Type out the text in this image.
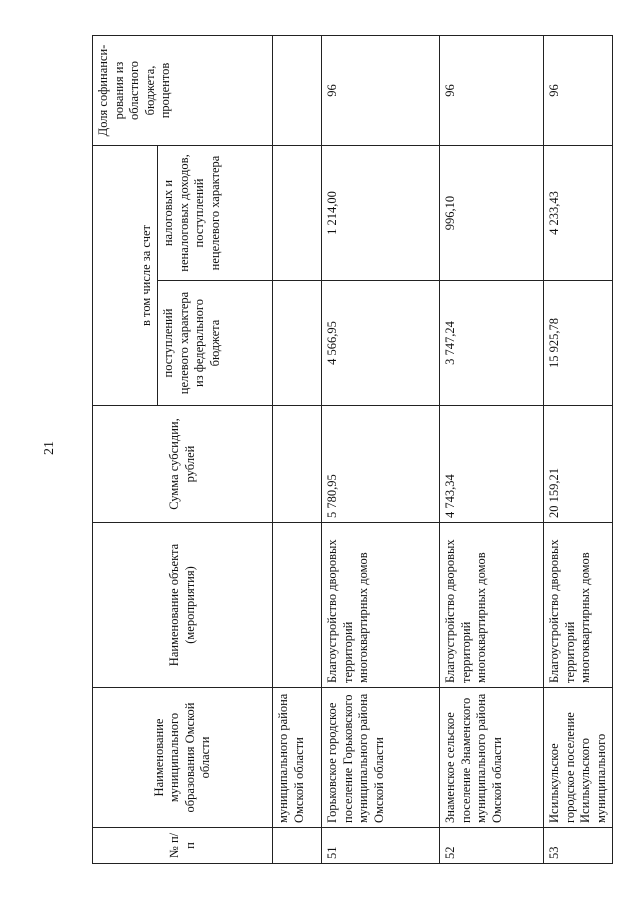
21
№ п/п	Наименование муниципального образования Омской области	Наименование объекта (мероприятия)	Сумма субсидии, рублей	в том числе за счет		Доля софинанси-рования из областного бюджета, процентов
				поступлений целевого характера из федерального бюджета	налоговых и неналоговых доходов, поступлений нецелевого характера	
	муниципального района Омской области					
51	Горьковское городское поселение Горьковского муниципального района Омской области	Благоустройство дворовых территорий многоквартирных домов	5 780,95	4 566,95	1 214,00	96
52	Знаменское сельское поселение Знаменского муниципального района Омской области	Благоустройство дворовых территорий многоквартирных домов	4 743,34	3 747,24	996,10	96
53	Исилькульское городское поселение Исилькульского муниципального	Благоустройство дворовых территорий многоквартирных домов	20 159,21	15 925,78	4 233,43	96
